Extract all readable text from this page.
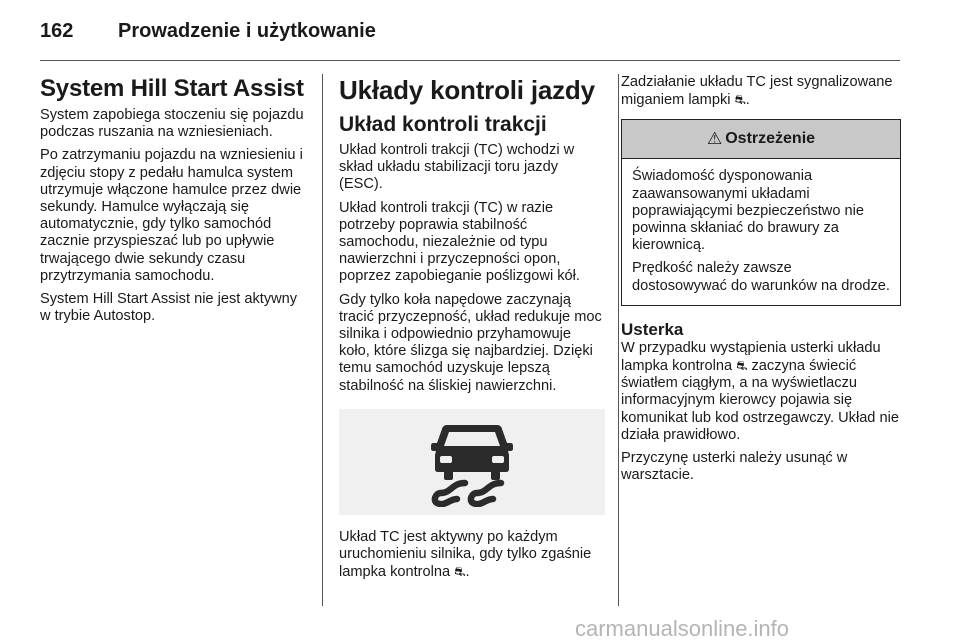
162	Prowadzenie i użytkowanie
System Hill Start Assist

System zapobiega stoczeniu się pojazdu podczas ruszania na wzniesieniach.

Po zatrzymaniu pojazdu na wzniesieniu i zdjęciu stopy z pedału hamulca system utrzymuje włączone hamulce przez dwie sekundy. Hamulce wyłączają się automatycznie, gdy tylko samochód zacznie przyspieszać lub po upływie trwającego dwie sekundy czasu przytrzymania samochodu.

System Hill Start Assist nie jest aktywny w trybie Autostop.

Układy kontroli jazdy
Układ kontroli trakcji

Układ kontroli trakcji (TC) wchodzi w skład układu stabilizacji toru jazdy (ESC).

Układ kontroli trakcji (TC) w razie potrzeby poprawia stabilność samochodu, niezależnie od typu nawierzchni i przyczepności opon, poprzez zapobieganie poślizgowi kół.

Gdy tylko koła napędowe zaczynają tracić przyczepność, układ redukuje moc silnika i odpowiednio przyhamowuje koło, które ślizga się najbardziej. Dzięki temu samochód uzyskuje lepszą stabilność na śliskiej nawierzchni.

Układ TC jest aktywny po każdym uruchomieniu silnika, gdy tylko zgaśnie lampka kontrolna ⛐.

Zadziałanie układu TC jest sygnalizowane miganiem lampki ⛐.

⚠ Ostrzeżenie

Świadomość dysponowania zaawansowanymi układami poprawiającymi bezpieczeństwo nie powinna skłaniać do brawury za kierownicą.

Prędkość należy zawsze dostosowywać do warunków na drodze.

Usterka

W przypadku wystąpienia usterki układu lampka kontrolna ⛐ zaczyna świecić światłem ciągłym, a na wyświetlaczu informacyjnym kierowcy pojawia się komunikat lub kod ostrzegawczy. Układ nie działa prawidłowo.

Przyczynę usterki należy usunąć w warsztacie.

carmanualsonline.info
